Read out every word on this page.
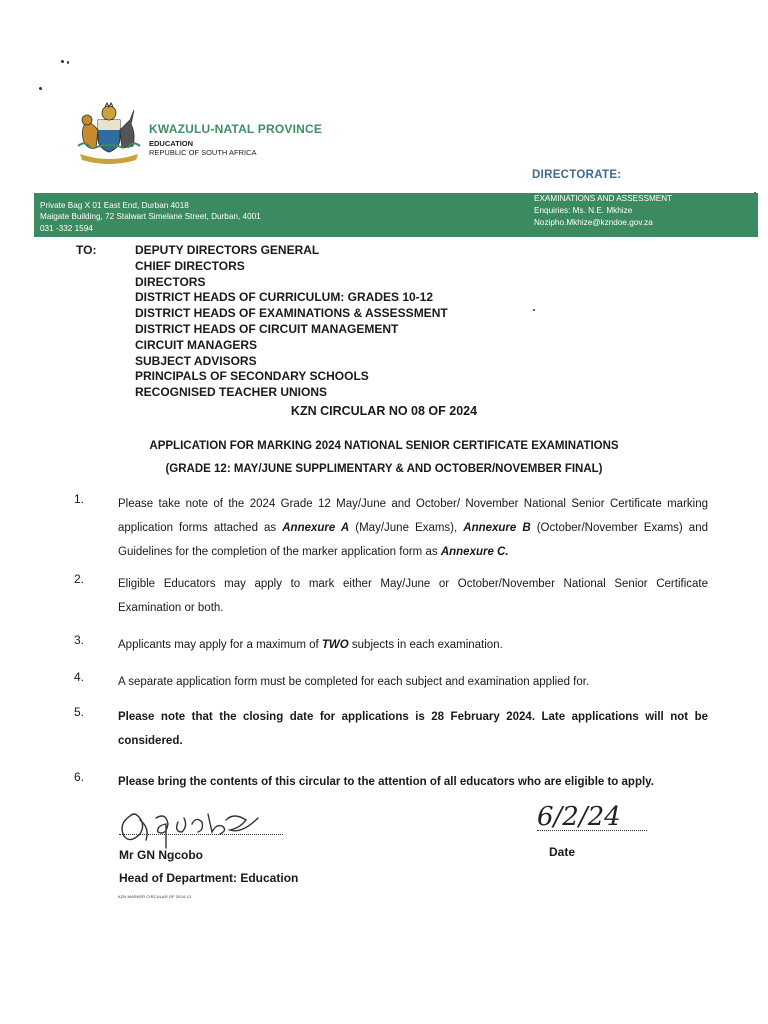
KWAZULU-NATAL PROVINCE
EDUCATION
REPUBLIC OF SOUTH AFRICA
DIRECTORATE:
Private Bag X 01 East End, Durban 4018
Maigate Building, 72 Stalwart Simelane Street, Durban, 4001
031 -332 1594
EXAMINATIONS AND ASSESSMENT
Enquiries: Ms. N.E. Mkhize
Nozipho.Mkhize@kzndoe.gov.za
TO:	DEPUTY DIRECTORS GENERAL
CHIEF DIRECTORS
DIRECTORS
DISTRICT HEADS OF CURRICULUM: GRADES 10-12
DISTRICT HEADS OF EXAMINATIONS & ASSESSMENT
DISTRICT HEADS OF CIRCUIT MANAGEMENT
CIRCUIT MANAGERS
SUBJECT ADVISORS
PRINCIPALS OF SECONDARY SCHOOLS
RECOGNISED TEACHER UNIONS
KZN CIRCULAR NO 08 OF 2024
APPLICATION FOR MARKING 2024 NATIONAL SENIOR CERTIFICATE EXAMINATIONS
(GRADE 12: MAY/JUNE SUPPLIMENTARY & AND OCTOBER/NOVEMBER FINAL)
1.	Please take note of the 2024 Grade 12 May/June and October/ November National Senior Certificate marking application forms attached as Annexure A (May/June Exams), Annexure B (October/November Exams) and Guidelines for the completion of the marker application form as Annexure C.
2.	Eligible Educators may apply to mark either May/June or October/November National Senior Certificate Examination or both.
3.	Applicants may apply for a maximum of TWO subjects in each examination.
4.	A separate application form must be completed for each subject and examination applied for.
5.	Please note that the closing date for applications is 28 February 2024. Late applications will not be considered.
6.	Please bring the contents of this circular to the attention of all educators who are eligible to apply.
Mr GN Ngcobo
Head of Department: Education
6/2/24
Date
KZN MARKER CIRCULAR OF 2024.V1
